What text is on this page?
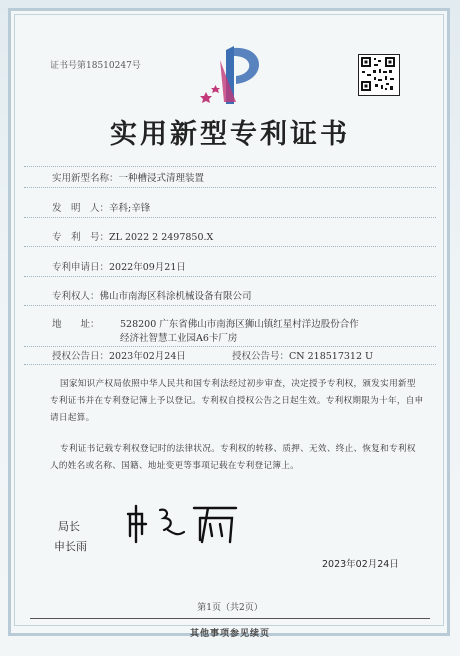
证书号第18510247号
实用新型专利证书
实用新型名称：一种槽浸式清理装置
发　明　人：辛科;辛锋
专　利　号：ZL 2022 2 2497850.X
专利申请日：2022年09月21日
专利权人：佛山市南海区科涂机械设备有限公司
地　　址： 528200 广东省佛山市南海区狮山镇红星村洋边股份合作
经济社智慧工业园A6卡厂房
授权公告日：2023年02月24日	授权公告号：CN 218517312 U
国家知识产权局依照中华人民共和国专利法经过初步审查，决定授予专利权，颁发实用新型
专利证书并在专利登记簿上予以登记。专利权自授权公告之日起生效。专利权期限为十年，自申
请日起算。
专利证书记载专利权登记时的法律状况。专利权的转移、质押、无效、终止、恢复和专利权
人的姓名或名称、国籍、地址变更等事项记载在专利登记簿上。
局长
申长雨
2023年02月24日
第1页（共2页）
其他事项参见续页
